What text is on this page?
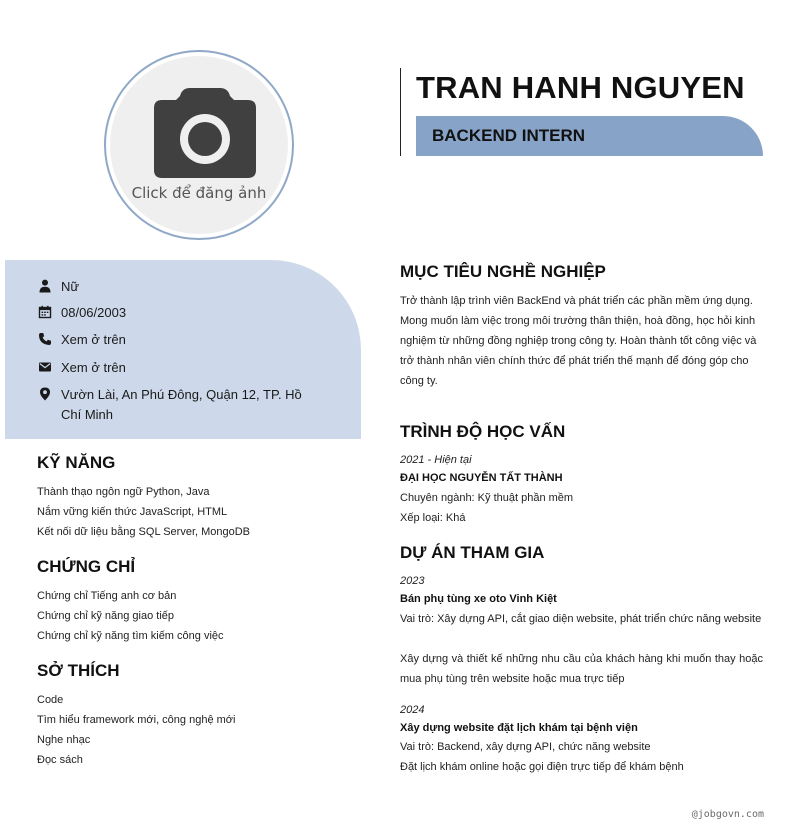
Click để đăng ảnh
TRAN HANH NGUYEN
BACKEND INTERN
Nữ
08/06/2003
Xem ở trên
Xem ở trên
Vườn Lài, An Phú Đông, Quận 12, TP. Hồ Chí Minh
KỸ NĂNG
Thành thạo ngôn ngữ Python, Java
Nắm vững kiến thức JavaScript, HTML
Kết nối dữ liệu bằng SQL Server, MongoDB
CHỨNG CHỈ
Chứng chỉ Tiếng anh cơ bản
Chứng chỉ kỹ năng giao tiếp
Chứng chỉ kỹ năng tìm kiếm công việc
SỞ THÍCH
Code
Tìm hiểu framework mới, công nghệ mới
Nghe nhạc
Đọc sách
MỤC TIÊU NGHỀ NGHIỆP
Trở thành lập trình viên BackEnd và phát triển các phần mềm ứng dụng. Mong muốn làm việc trong môi trường thân thiện, hoà đồng, học hỏi kinh nghiệm từ những đồng nghiệp trong công ty. Hoàn thành tốt công việc và trở thành nhân viên chính thức để phát triển thế mạnh để đóng góp cho công ty.
TRÌNH ĐỘ HỌC VẤN
2021 - Hiện tại
ĐẠI HỌC NGUYỄN TẤT THÀNH
Chuyên ngành: Kỹ thuật phần mềm
Xếp loại: Khá
DỰ ÁN THAM GIA
2023
Bán phụ tùng xe oto Vinh Kiệt
Vai trò: Xây dựng API, cắt giao diện website, phát triển chức năng website
Xây dựng và thiết kế những nhu cầu của khách hàng khi muốn thay hoặc mua phụ tùng trên website hoặc mua trực tiếp
2024
Xây dựng website đặt lịch khám tại bệnh viện
Vai trò: Backend, xây dựng API, chức năng website
Đặt lịch khám online hoặc gọi điện trực tiếp để khám bệnh
@jobgovn.com
